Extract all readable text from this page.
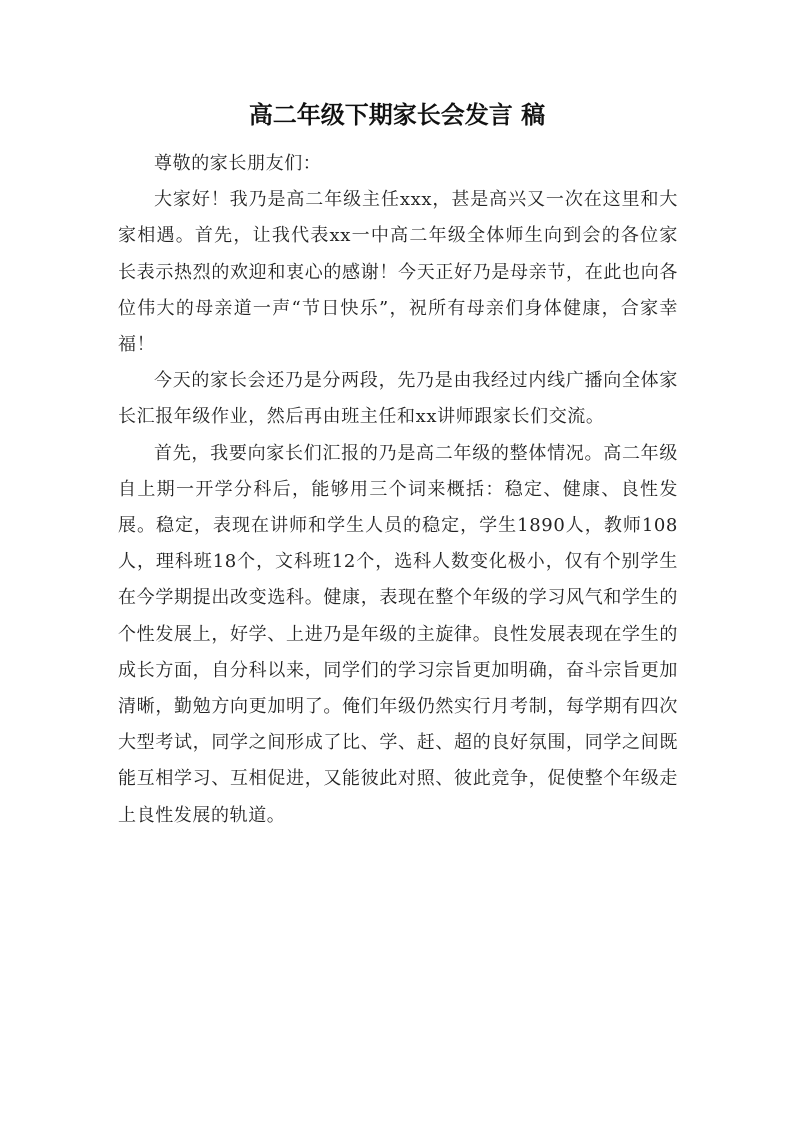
高二年级下期家长会发言 稿

尊敬的家长朋友们：

大家好！我乃是高二年级主任xxx，甚是高兴又一次在这里和大家相遇。首先，让我代表xx一中高二年级全体师生向到会的各位家长表示热烈的欢迎和衷心的感谢！今天正好乃是母亲节，在此也向各位伟大的母亲道一声“节日快乐”，祝所有母亲们身体健康，合家幸福！

今天的家长会还乃是分两段，先乃是由我经过内线广播向全体家长汇报年级作业，然后再由班主任和xx讲师跟家长们交流。

首先，我要向家长们汇报的乃是高二年级的整体情况。高二年级自上期一开学分科后，能够用三个词来概括：稳定、健康、良性发展。稳定，表现在讲师和学生人员的稳定，学生1890人，教师108人，理科班18个，文科班12个，选科人数变化极小，仅有个别学生在今学期提出改变选科。健康，表现在整个年级的学习风气和学生的个性发展上，好学、上进乃是年级的主旋律。良性发展表现在学生的成长方面，自分科以来，同学们的学习宗旨更加明确，奋斗宗旨更加清晰，勤勉方向更加明了。俺们年级仍然实行月考制，每学期有四次大型考试，同学之间形成了比、学、赶、超的良好氛围，同学之间既能互相学习、互相促进，又能彼此对照、彼此竞争，促使整个年级走上良性发展的轨道。
